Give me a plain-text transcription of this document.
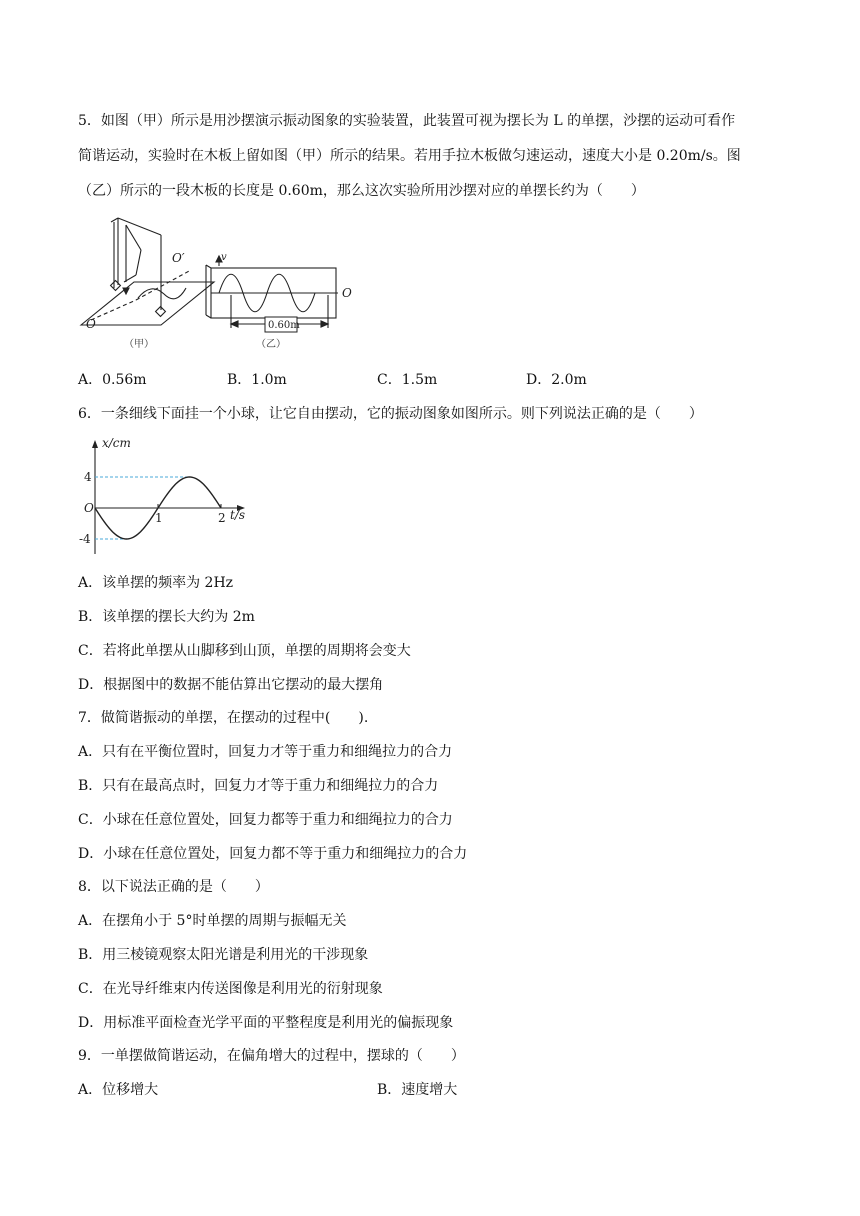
5．如图（甲）所示是用沙摆演示振动图象的实验装置，此装置可视为摆长为 L 的单摆，沙摆的运动可看作
简谐运动，实验时在木板上留如图（甲）所示的结果。若用手拉木板做匀速运动，速度大小是 0.20m/s。图
（乙）所示的一段木板的长度是 0.60m，那么这次实验所用沙摆对应的单摆长约为（　　）
O′
O
（甲）
0.60m
v
O
（乙）
A．0.56m	B．1.0m	C．1.5m	D．2.0m
6．一条细线下面挂一个小球，让它自由摆动，它的振动图象如图所示。则下列说法正确的是（　　）
1	2
4
-4
x/cm
t/s
O
A．该单摆的频率为 2Hz
B．该单摆的摆长大约为 2m
C．若将此单摆从山脚移到山顶，单摆的周期将会变大
D．根据图中的数据不能估算出它摆动的最大摆角
7．做简谐振动的单摆，在摆动的过程中(　　).
A．只有在平衡位置时，回复力才等于重力和细绳拉力的合力
B．只有在最高点时，回复力才等于重力和细绳拉力的合力
C．小球在任意位置处，回复力都等于重力和细绳拉力的合力
D．小球在任意位置处，回复力都不等于重力和细绳拉力的合力
8．以下说法正确的是（　　）
A．在摆角小于 5°时单摆的周期与振幅无关
B．用三棱镜观察太阳光谱是利用光的干涉现象
C．在光导纤维束内传送图像是利用光的衍射现象
D．用标准平面检查光学平面的平整程度是利用光的偏振现象
9．一单摆做简谐运动，在偏角增大的过程中，摆球的（　　）
A．位移增大	B．速度增大
